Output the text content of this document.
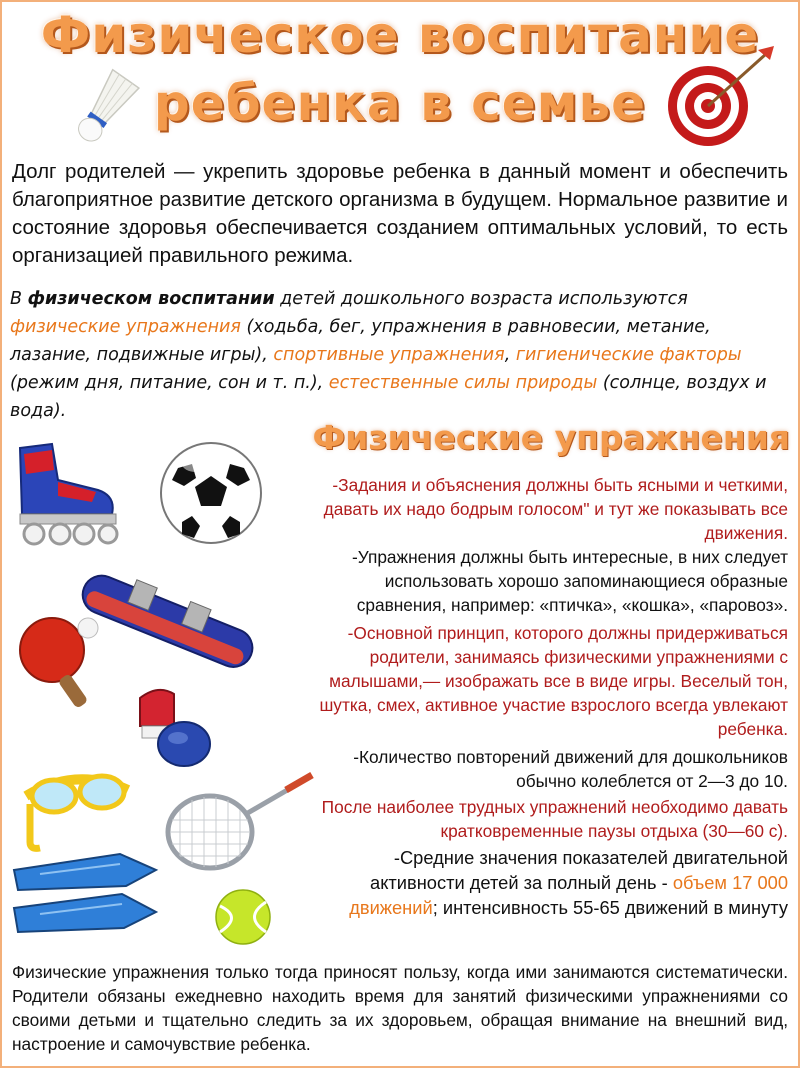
Физическое воспитание
ребенка в семье
Долг родителей — укрепить здоровье ребенка в данный момент и обеспечить благоприятное развитие детского организма в будущем. Нормальное развитие и состояние здоровья обеспечивается созданием оптимальных условий, то есть организацией правильного режима.
В физическом воспитании детей дошкольного возраста используются физические упражнения (ходьба, бег, упражнения в равновесии, метание, лазание, подвижные игры), спортивные упражнения, гигиенические факторы (режим дня, питание, сон и т. п.), естественные силы природы (солнце, воздух и вода).
Физические упражнения
-Задания и объяснения должны быть ясными и четкими, давать их надо бодрым голосом" и тут же показывать все движения.
-Упражнения должны быть интересные, в них следует использовать хорошо запоминающиеся образные сравнения, например: «птичка», «кошка», «паровоз».
-Основной принцип, которого должны придерживаться родители, занимаясь физическими упражнениями с малышами,— изображать все в виде игры. Веселый тон, шутка, смех, активное участие взрослого всегда увлекают ребенка.
-Количество повторений движений для дошкольников обычно колеблется от 2—3 до 10.
После наиболее трудных упражнений необходимо давать кратковременные паузы отдыха (30—60 с).
-Средние значения показателей двигательной активности детей за полный день - объем 17 000 движений; интенсивность 55-65 движений в минуту
Физические упражнения только тогда приносят пользу, когда ими занимаются систематически. Родители обязаны ежедневно находить время для занятий физическими упражнениями со своими детьми и тщательно следить за их здоровьем, обращая внимание на внешний вид, настроение и самочувствие ребенка.
